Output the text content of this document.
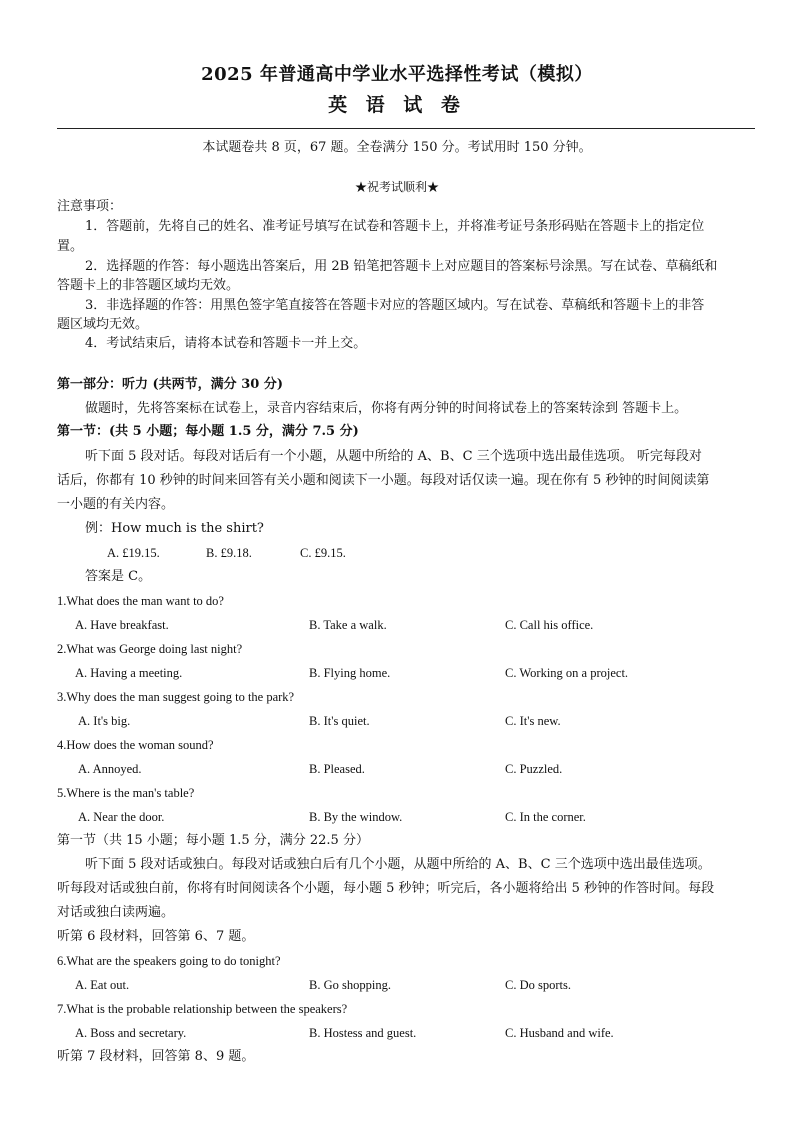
2025 年普通高中学业水平选择性考试（模拟）
英 语 试 卷
本试题卷共 8 页，67 题。全卷满分 150 分。考试用时 150 分钟。
★祝考试顺利★
注意事项：
1．答题前，先将自己的姓名、准考证号填写在试卷和答题卡上，并将准考证号条形码贴在答题卡上的指定位
置。
2．选择题的作答：每小题选出答案后，用 2B 铅笔把答题卡上对应题目的答案标号涂黑。写在试卷、草稿纸和
答题卡上的非答题区域均无效。
3．非选择题的作答：用黑色签字笔直接答在答题卡对应的答题区域内。写在试卷、草稿纸和答题卡上的非答
题区域均无效。
4．考试结束后，请将本试卷和答题卡一并上交。
第一部分：听力 (共两节，满分 30 分)
做题时，先将答案标在试卷上，录音内容结束后，你将有两分钟的时间将试卷上的答案转涂到 答题卡上。
第一节：(共 5 小题；每小题 1.5 分，满分 7.5 分)
听下面 5 段对话。每段对话后有一个小题，从题中所给的 A、B、C 三个选项中选出最佳选项。 听完每段对
话后，你都有 10 秒钟的时间来回答有关小题和阅读下一小题。每段对话仅读一遍。现在你有 5 秒钟的时间阅读第
一小题的有关内容。
例：How much is the shirt?
A. £19.15.	B. £9.18.	C. £9.15.
答案是 C。
1.What does the man want to do?
A. Have breakfast.	B. Take a walk.	C. Call his office.
2.What was George doing last night?
A. Having a meeting.	B. Flying home.	C. Working on a project.
3.Why does the man suggest going to the park?
A. It's big.	B. It's quiet.	C. It's new.
4.How does the woman sound?
A. Annoyed.	B. Pleased.	C. Puzzled.
5.Where is the man's table?
A. Near the door.	B. By the window.	C. In the corner.
第一节（共 15 小题；每小题 1.5 分，满分 22.5 分）
听下面 5 段对话或独白。每段对话或独白后有几个小题，从题中所给的 A、B、C 三个选项中选出最佳选项。
听每段对话或独白前，你将有时间阅读各个小题，每小题 5 秒钟；听完后，各小题将给出 5 秒钟的作答时间。每段
对话或独白读两遍。
听第 6 段材料，回答第 6、7 题。
6.What are the speakers going to do tonight?
A. Eat out.	B. Go shopping.	C. Do sports.
7.What is the probable relationship between the speakers?
A. Boss and secretary.	B. Hostess and guest.	C. Husband and wife.
听第 7 段材料，回答第 8、9 题。
